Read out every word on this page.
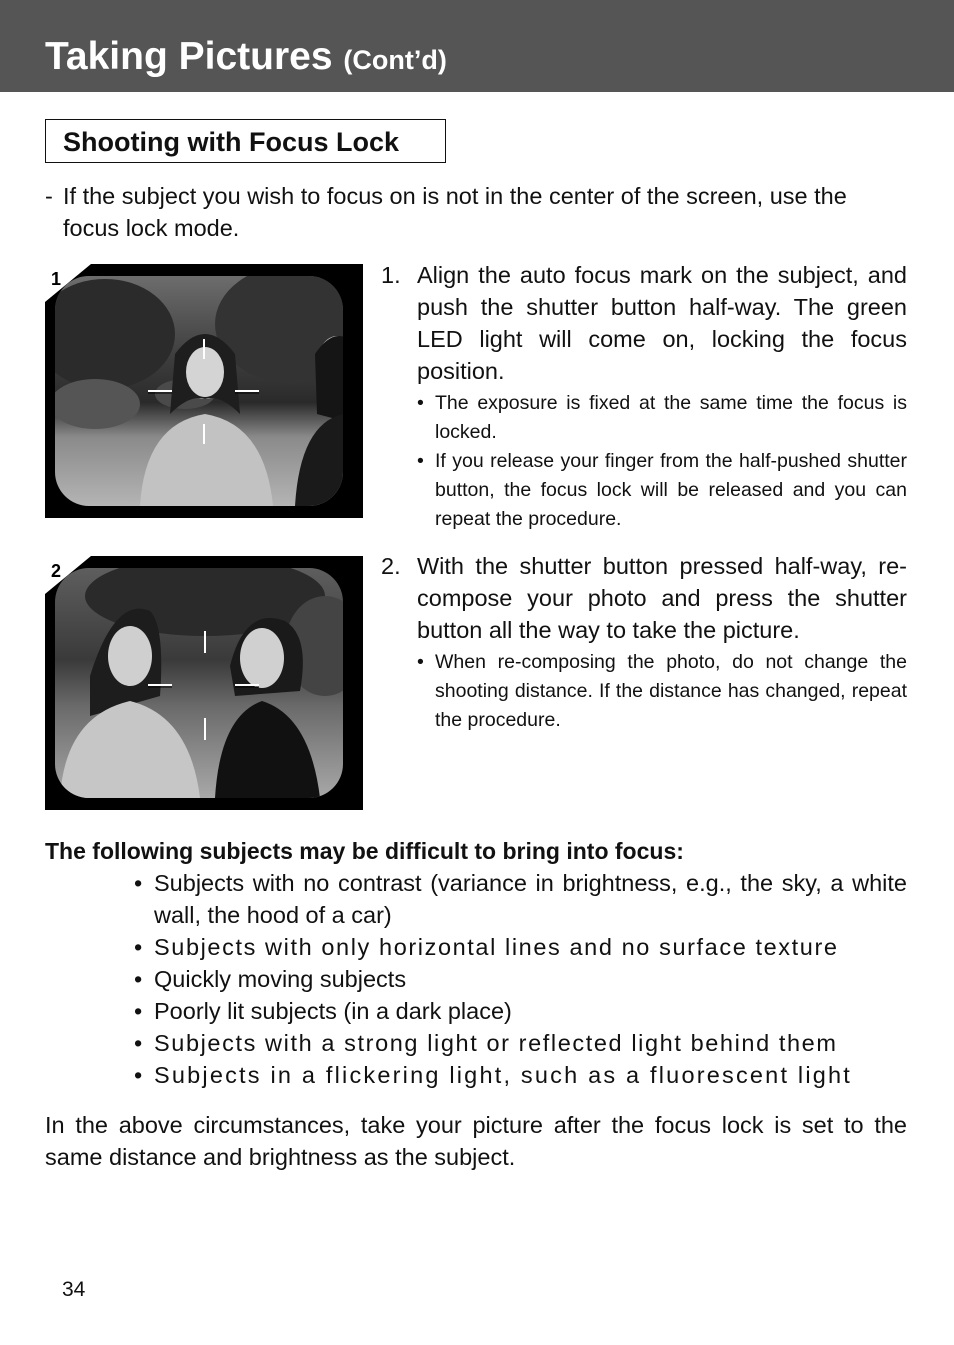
Taking Pictures (Cont’d)
Shooting with Focus Lock
- If the subject you wish to focus on is not in the center of the screen, use the focus lock mode.
1	1. Align the auto focus mark on the subject, and push the shutter button half-way. The green LED light will come on, locking the focus position.
• The exposure is fixed at the same time the focus is locked.
• If you release your finger from the half-pushed shutter button, the focus lock will be released and you can repeat the procedure.
2	2. With the shutter button pressed half-way, re-compose your photo and press the shutter button all the way to take the picture.
• When re-composing the photo, do not change the shooting distance. If the distance has changed, repeat the procedure.
The following subjects may be difficult to bring into focus:
• Subjects with no contrast (variance in brightness, e.g., the sky, a white wall, the hood of a car)
• Subjects with only horizontal lines and no surface texture
• Quickly moving subjects
• Poorly lit subjects (in a dark place)
• Subjects with a strong light or reflected light behind them
• Subjects in a flickering light, such as a fluorescent light
In the above circumstances, take your picture after the focus lock is set to the same distance and brightness as the subject.
34
